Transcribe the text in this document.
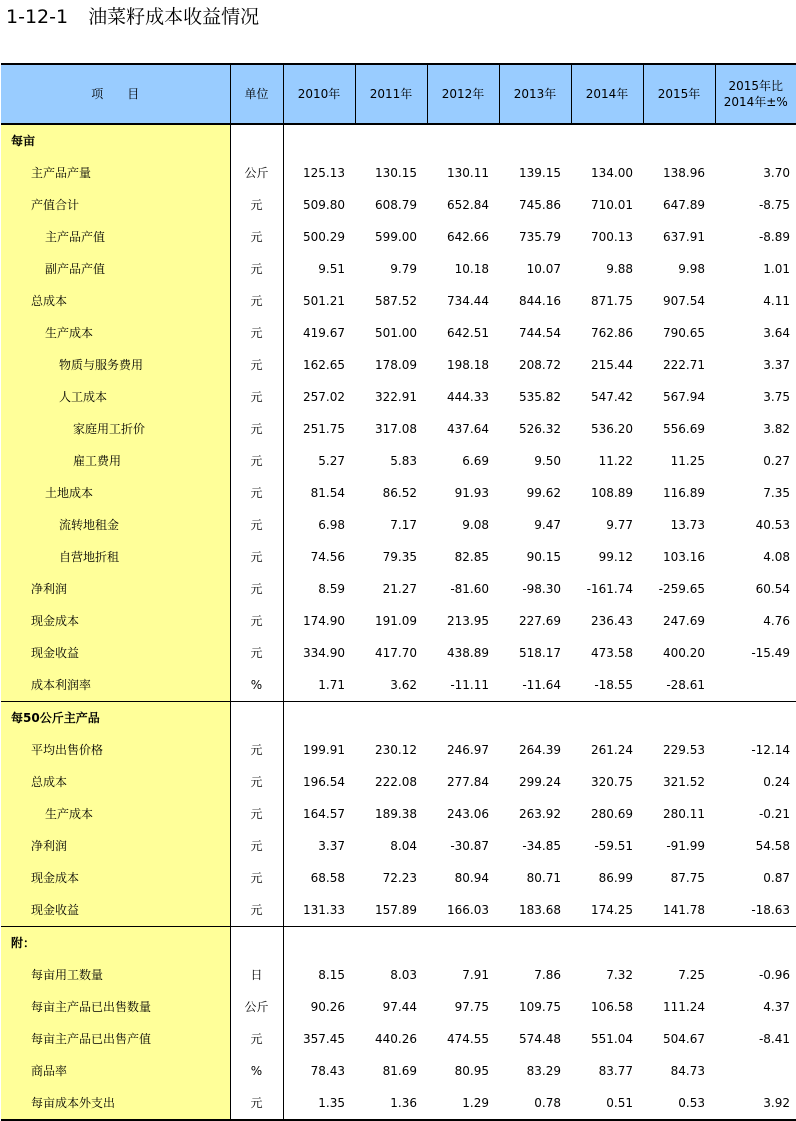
1-12-1 油菜籽成本收益情况
项　　目	单位	2010年	2011年	2012年	2013年	2014年	2015年	2015年比
2014年±%

每亩								
主产品产量	公斤	125.13	130.15	130.11	139.15	134.00	138.96	3.70
产值合计	元	509.80	608.79	652.84	745.86	710.01	647.89	-8.75
主产品产值	元	500.29	599.00	642.66	735.79	700.13	637.91	-8.89
副产品产值	元	9.51	9.79	10.18	10.07	9.88	9.98	1.01
总成本	元	501.21	587.52	734.44	844.16	871.75	907.54	4.11
生产成本	元	419.67	501.00	642.51	744.54	762.86	790.65	3.64
物质与服务费用	元	162.65	178.09	198.18	208.72	215.44	222.71	3.37
人工成本	元	257.02	322.91	444.33	535.82	547.42	567.94	3.75
家庭用工折价	元	251.75	317.08	437.64	526.32	536.20	556.69	3.82
雇工费用	元	5.27	5.83	6.69	9.50	11.22	11.25	0.27
土地成本	元	81.54	86.52	91.93	99.62	108.89	116.89	7.35
流转地租金	元	6.98	7.17	9.08	9.47	9.77	13.73	40.53
自营地折租	元	74.56	79.35	82.85	90.15	99.12	103.16	4.08
净利润	元	8.59	21.27	-81.60	-98.30	-161.74	-259.65	60.54
现金成本	元	174.90	191.09	213.95	227.69	236.43	247.69	4.76
现金收益	元	334.90	417.70	438.89	518.17	473.58	400.20	-15.49
成本利润率	%	1.71	3.62	-11.11	-11.64	-18.55	-28.61	
每50公斤主产品								
平均出售价格	元	199.91	230.12	246.97	264.39	261.24	229.53	-12.14
总成本	元	196.54	222.08	277.84	299.24	320.75	321.52	0.24
生产成本	元	164.57	189.38	243.06	263.92	280.69	280.11	-0.21
净利润	元	3.37	8.04	-30.87	-34.85	-59.51	-91.99	54.58
现金成本	元	68.58	72.23	80.94	80.71	86.99	87.75	0.87
现金收益	元	131.33	157.89	166.03	183.68	174.25	141.78	-18.63
附：								
每亩用工数量	日	8.15	8.03	7.91	7.86	7.32	7.25	-0.96
每亩主产品已出售数量	公斤	90.26	97.44	97.75	109.75	106.58	111.24	4.37
每亩主产品已出售产值	元	357.45	440.26	474.55	574.48	551.04	504.67	-8.41
商品率	%	78.43	81.69	80.95	83.29	83.77	84.73	
每亩成本外支出	元	1.35	1.36	1.29	0.78	0.51	0.53	3.92
